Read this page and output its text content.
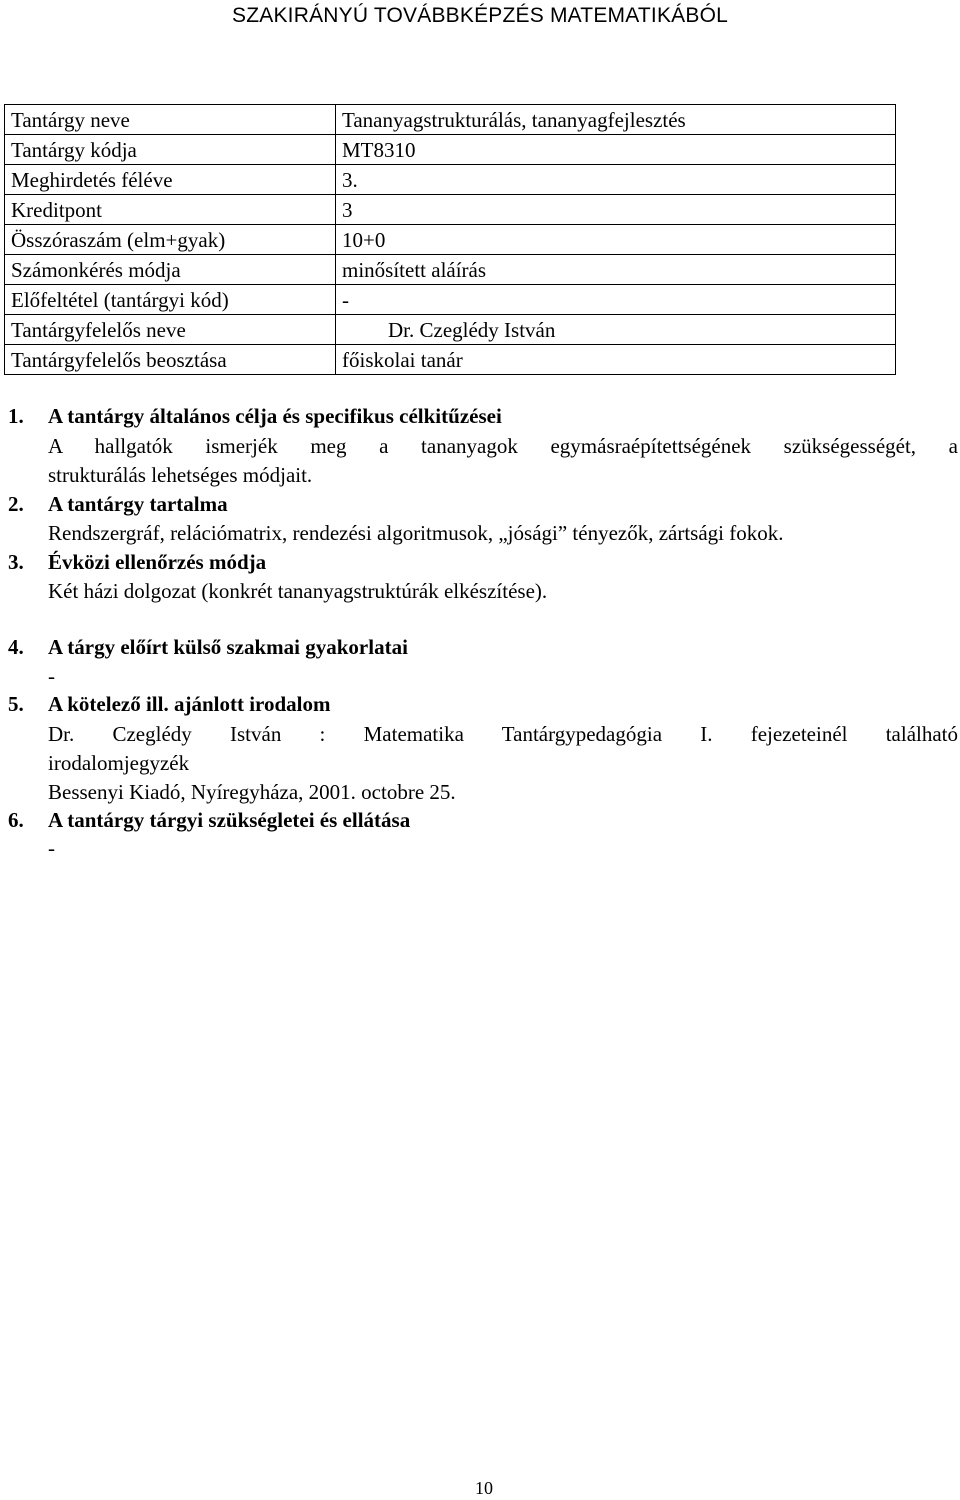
SZAKIRÁNYÚ TOVÁBBKÉPZÉS MATEMATIKÁBÓL
Tantárgy neve	Tananyagstrukturálás, tananyagfejlesztés
Tantárgy kódja	MT8310
Meghirdetés féléve	3.
Kreditpont	3
Összóraszám (elm+gyak)	10+0
Számonkérés módja	minősített aláírás
Előfeltétel (tantárgyi kód)	-
Tantárgyfelelős neve	Dr. Czeglédy István
Tantárgyfelelős beosztása	főiskolai tanár
1. A tantárgy általános célja és specifikus célkitűzései
A hallgatók ismerjék meg a tananyagok egymásraépítettségének szükségességét, a
strukturálás lehetséges módjait.
2. A tantárgy tartalma
Rendszergráf, relációmatrix, rendezési algoritmusok, „jósági” tényezők, zártsági fokok.
3. Évközi ellenőrzés módja
Két házi dolgozat (konkrét tananyagstruktúrák elkészítése).
4. A tárgy előírt külső szakmai gyakorlatai
-
5. A kötelező ill. ajánlott irodalom
Dr. Czeglédy István : Matematika Tantárgypedagógia I. fejezeteinél található
irodalomjegyzék
Bessenyi Kiadó, Nyíregyháza, 2001. octobre 25.
6. A tantárgy tárgyi szükségletei és ellátása
-
10
